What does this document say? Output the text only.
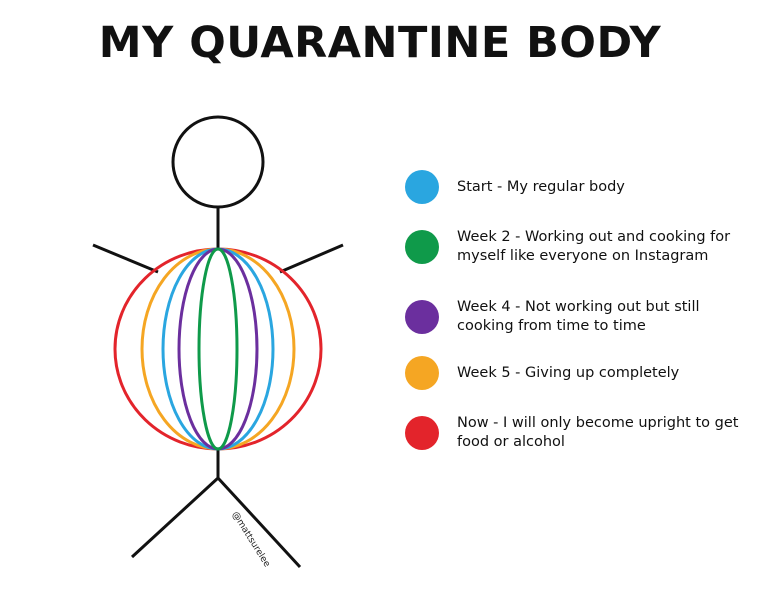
MY QUARANTINE BODY
@mattsurelee
Start - My regular body
Week 2 - Working out and cooking for myself like everyone on Instagram
Week 4 - Not working out but still cooking from time to time
Week 5 - Giving up completely
Now - I will only become upright to get food or alcohol
